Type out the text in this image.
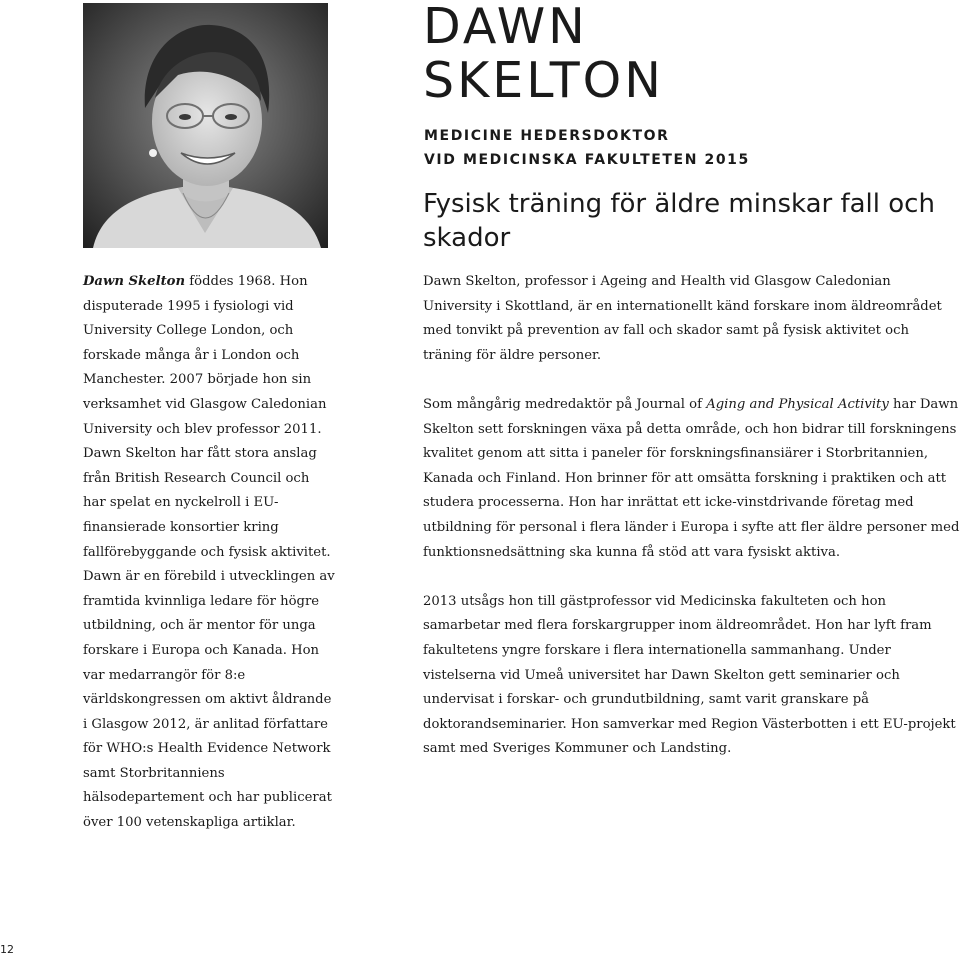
DAWN
SKELTON
MEDICINE HEDERSDOKTOR
VID MEDICINSKA FAKULTETEN 2015
Fysisk träning för äldre minskar fall och skador

Dawn Skelton föddes 1968. Hon disputerade 1995 i fysiologi vid University College London, och forskade många år i London och Manchester. 2007 började hon sin verksamhet vid Glasgow Caledonian University och blev professor 2011. Dawn Skelton har fått stora anslag från British Research Council och har spelat en nyckelroll i EU-finansierade konsortier kring fallförebyggande och fysisk aktivitet. Dawn är en förebild i utvecklingen av framtida kvinnliga ledare för högre utbildning, och är mentor för unga forskare i Europa och Kanada. Hon var medarrangör för 8:e världskongressen om aktivt åldrande i Glasgow 2012, är anlitad författare för WHO:s Health Evidence Network samt Storbritanniens hälsodepartement och har publicerat över 100 vetenskapliga artiklar.

Dawn Skelton, professor i Ageing and Health vid Glasgow Caledonian University i Skottland, är en internationellt känd forskare inom äldreområdet med tonvikt på prevention av fall och skador samt på fysisk aktivitet och träning för äldre personer.

Som mångårig medredaktör på Journal of Aging and Physical Activity har Dawn Skelton sett forskningen växa på detta område, och hon bidrar till forskningens kvalitet genom att sitta i paneler för forskningsfinansiärer i Storbritannien, Kanada och Finland. Hon brinner för att omsätta forskning i praktiken och att studera processerna. Hon har inrättat ett icke-vinstdrivande företag med utbildning för personal i flera länder i Europa i syfte att fler äldre personer med funktionsnedsättning ska kunna få stöd att vara fysiskt aktiva.

2013 utsågs hon till gästprofessor vid Medicinska fakulteten och hon samarbetar med flera forskargrupper inom äldreområdet. Hon har lyft fram fakultetens yngre forskare i flera internationella sammanhang. Under vistelserna vid Umeå universitet har Dawn Skelton gett seminarier och undervisat i forskar- och grundutbildning, samt varit granskare på doktorandseminarier. Hon samverkar med Region Västerbotten i ett EU-projekt samt med Sveriges Kommuner och Landsting.

12
